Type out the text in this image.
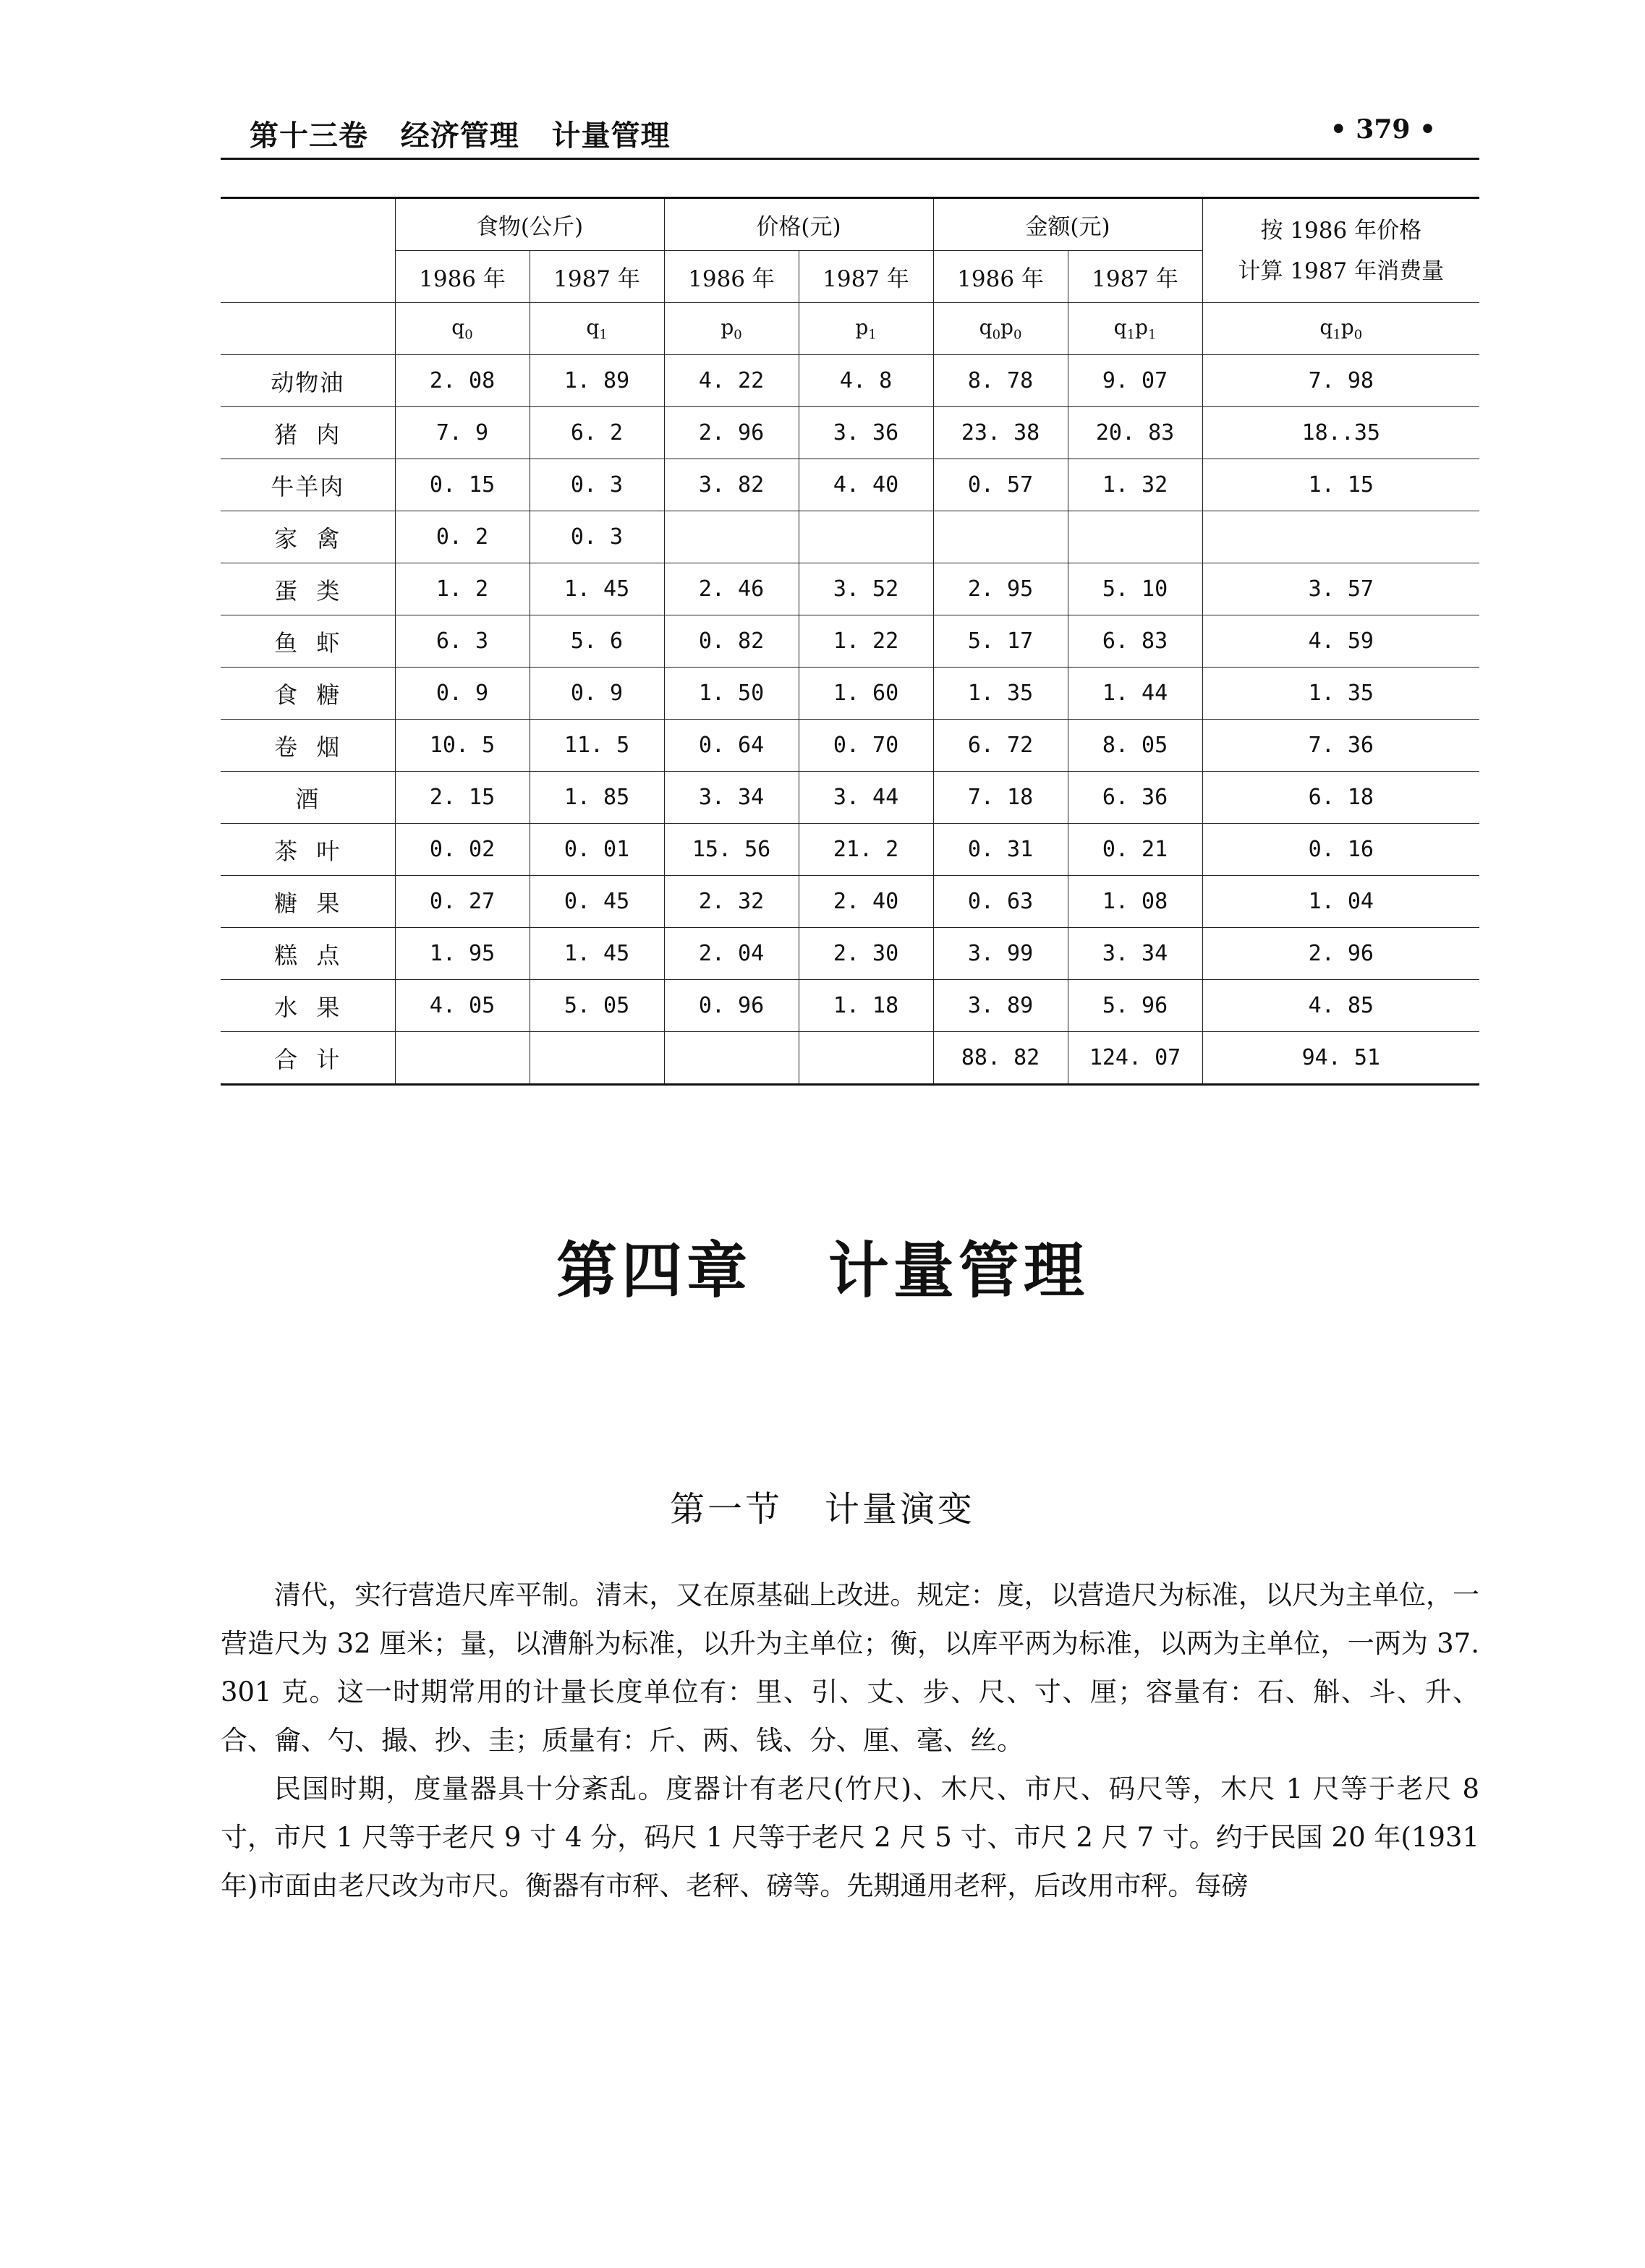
第十三卷   经济管理   计量管理	• 379 •
	食物(公斤)		价格(元)		金额(元)		按 1986 年价格
计算 1987 年消费量
	1986 年	1987 年	1986 年	1987 年	1986 年	1987 年	
	$q_0$	$q_1$	$p_0$	$p_1$	$q_0p_0$	$q_1p_1$	$q_1p_0$
动物油	2. 08	1. 89	4. 22	4. 8	8. 78	9. 07	7. 98
猪  肉	7. 9	6. 2	2. 96	3. 36	23. 38	20. 83	18..35
牛羊肉	0. 15	0. 3	3. 82	4. 40	0. 57	1. 32	1. 15
家  禽	0. 2	0. 3					
蛋  类	1. 2	1. 45	2. 46	3. 52	2. 95	5. 10	3. 57
鱼  虾	6. 3	5. 6	0. 82	1. 22	5. 17	6. 83	4. 59
食  糖	0. 9	0. 9	1. 50	1. 60	1. 35	1. 44	1. 35
卷  烟	10. 5	11. 5	0. 64	0. 70	6. 72	8. 05	7. 36
酒	2. 15	1. 85	3. 34	3. 44	7. 18	6. 36	6. 18
茶  叶	0. 02	0. 01	15. 56	21. 2	0. 31	0. 21	0. 16
糖  果	0. 27	0. 45	2. 32	2. 40	0. 63	1. 08	1. 04
糕  点	1. 95	1. 45	2. 04	2. 30	3. 99	3. 34	2. 96
水  果	4. 05	5. 05	0. 96	1. 18	3. 89	5. 96	4. 85
合  计					88. 82	124. 07	94. 51
第四章   计量管理
第一节   计量演变

清代，实行营造尺库平制。清末，又在原基础上改进。规定：度，以营造尺为标准，以尺为主单位，一营造尺为 32 厘米；量，以漕斛为标准，以升为主单位；衡，以库平两为标准，以两为主单位，一两为 37. 301 克。这一时期常用的计量长度单位有：里、引、丈、步、尺、寸、厘；容量有：石、斛、斗、升、合、龠、勺、撮、抄、圭；质量有：斤、两、钱、分、厘、毫、丝。

民国时期，度量器具十分紊乱。度器计有老尺(竹尺)、木尺、市尺、码尺等，木尺 1 尺等于老尺 8 寸，市尺 1 尺等于老尺 9 寸 4 分，码尺 1 尺等于老尺 2 尺 5 寸、市尺 2 尺 7 寸。约于民国 20 年(1931 年)市面由老尺改为市尺。衡器有市秤、老秤、磅等。先期通用老秤，后改用市秤。每磅
